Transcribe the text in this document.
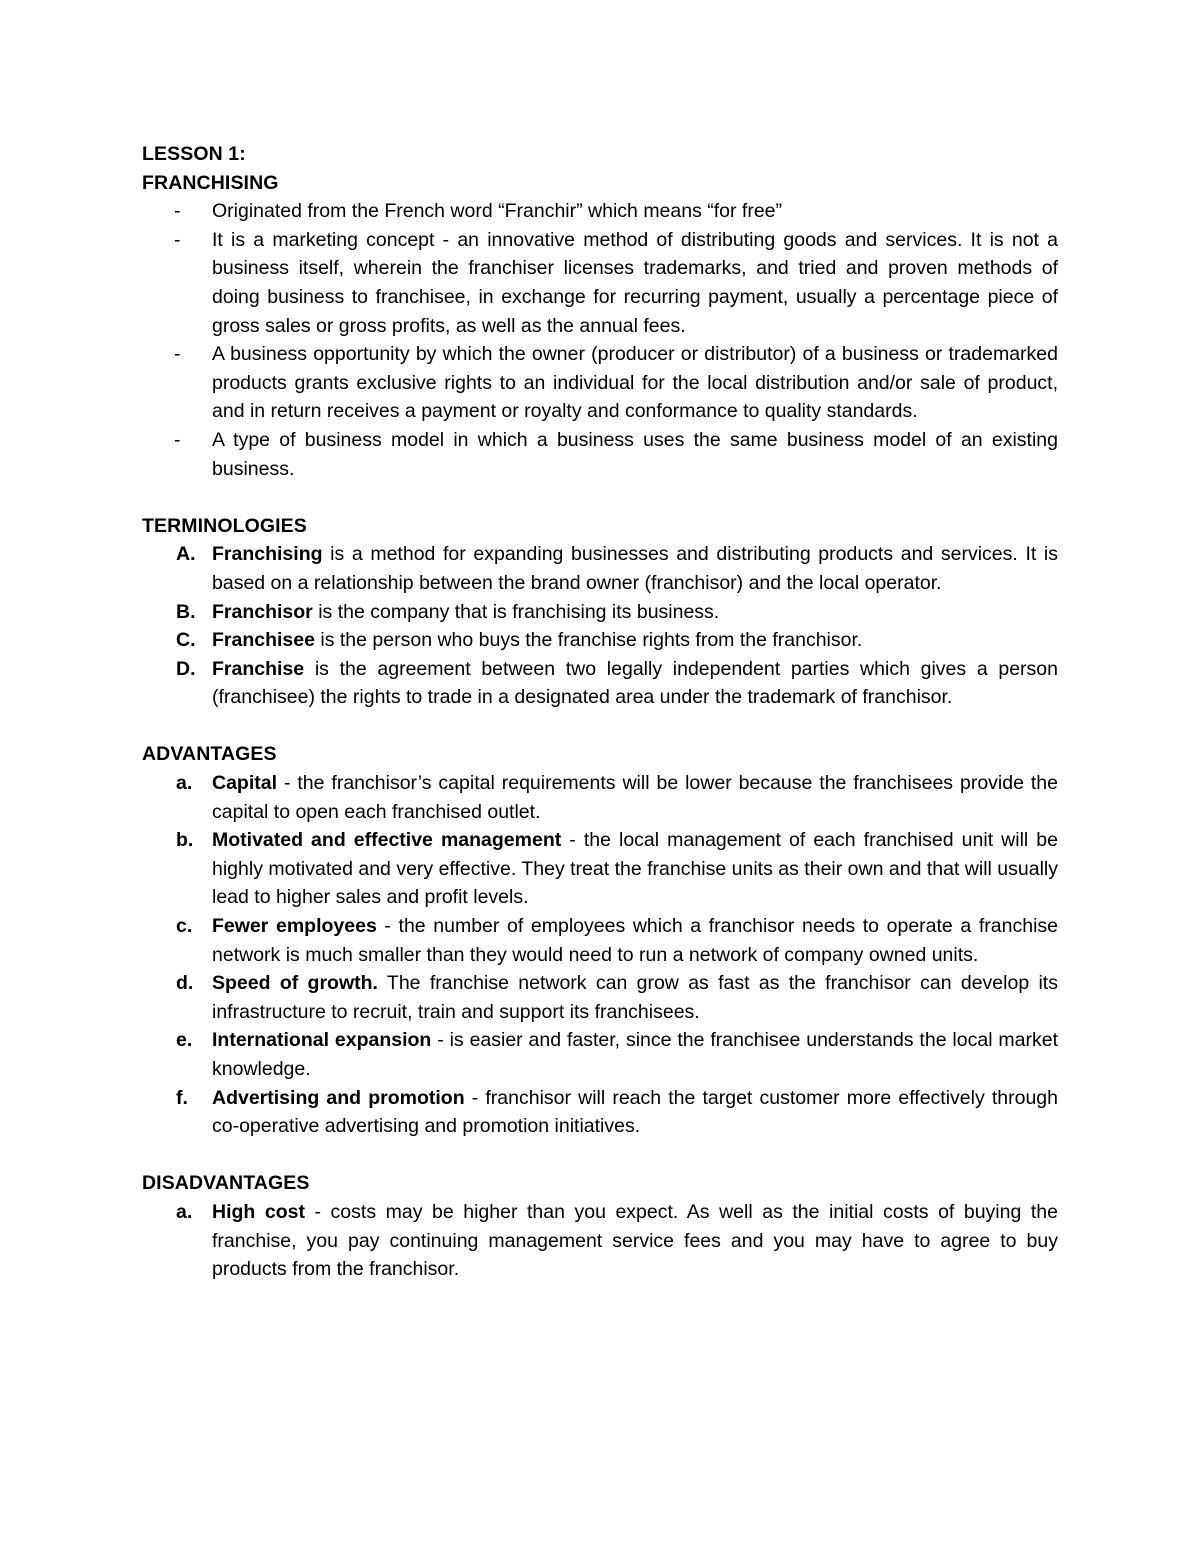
LESSON 1:

FRANCHISING

-	Originated from the French word “Franchir” which means “for free”
-	It is a marketing concept - an innovative method of distributing goods and services. It is not a business itself, wherein the franchiser licenses trademarks, and tried and proven methods of doing business to franchisee, in exchange for recurring payment, usually a percentage piece of gross sales or gross profits, as well as the annual fees.
-	A business opportunity by which the owner (producer or distributor) of a business or trademarked products grants exclusive rights to an individual for the local distribution and/or sale of product, and in return receives a payment or royalty and conformance to quality standards.
-	A type of business model in which a business uses the same business model of an existing business.

TERMINOLOGIES

A. Franchising is a method for expanding businesses and distributing products and services. It is based on a relationship between the brand owner (franchisor) and the local operator.
B. Franchisor is the company that is franchising its business.
C. Franchisee is the person who buys the franchise rights from the franchisor.
D. Franchise is the agreement between two legally independent parties which gives a person (franchisee) the rights to trade in a designated area under the trademark of franchisor.

ADVANTAGES

a.	Capital - the franchisor’s capital requirements will be lower because the franchisees provide the capital to open each franchised outlet.
b. Motivated and effective management - the local management of each franchised unit will be highly motivated and very effective. They treat the franchise units as their own and that will usually lead to higher sales and profit levels.
c.	Fewer employees - the number of employees which a franchisor needs to operate a franchise network is much smaller than they would need to run a network of company owned units.
d. Speed of growth. The franchise network can grow as fast as the franchisor can develop its infrastructure to recruit, train and support its franchisees.
e.	International expansion - is easier and faster, since the franchisee understands the local market knowledge.
f.	Advertising and promotion - franchisor will reach the target customer more effectively through co-operative advertising and promotion initiatives.

DISADVANTAGES

a.	High cost - costs may be higher than you expect. As well as the initial costs of buying the franchise, you pay continuing management service fees and you may have to agree to buy products from the franchisor.
